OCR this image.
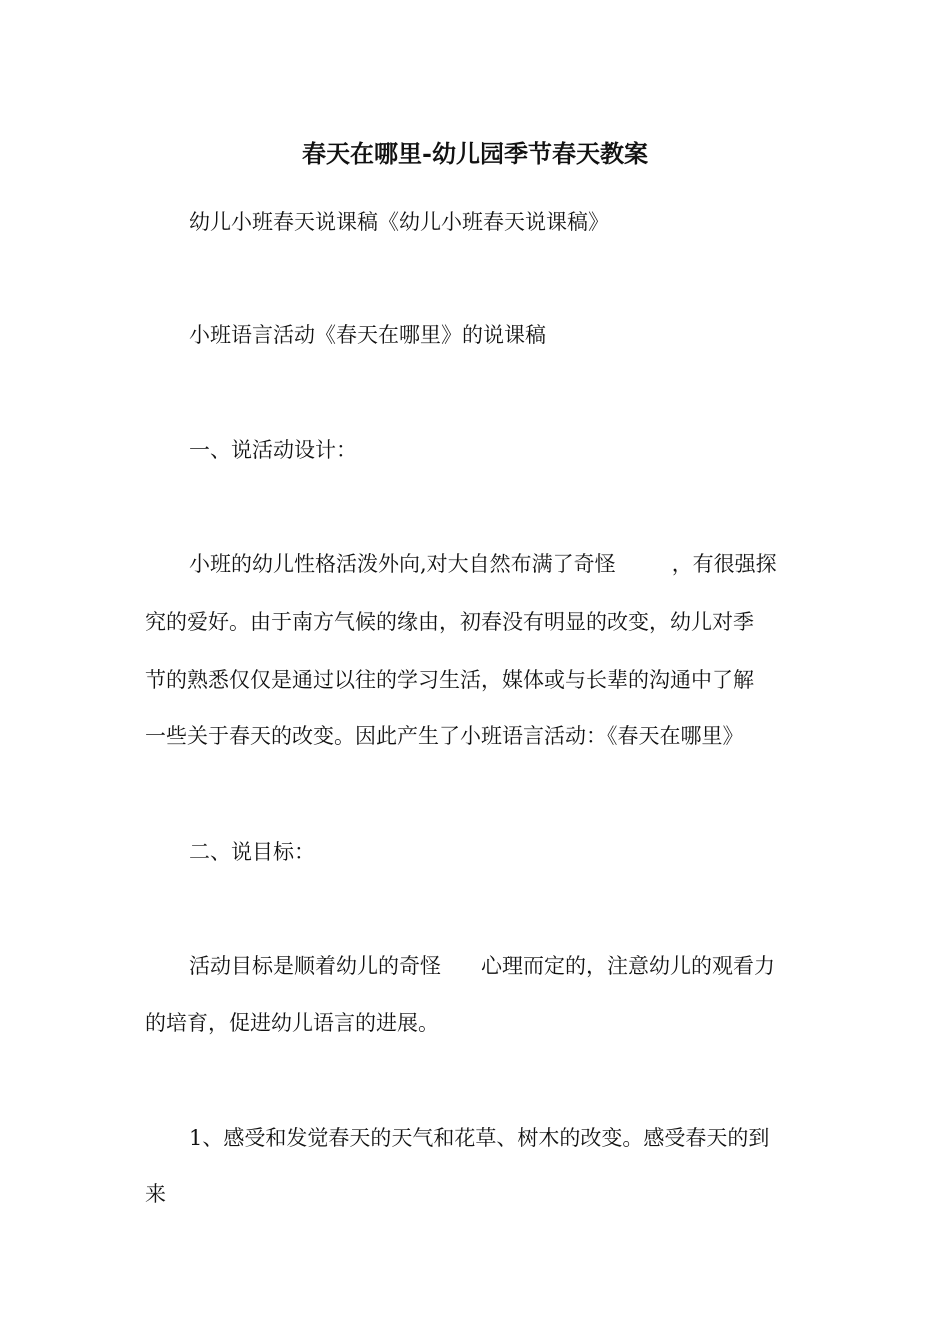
春天在哪里-幼儿园季节春天教案
幼儿小班春天说课稿《幼儿小班春天说课稿》
小班语言活动《春天在哪里》的说课稿
一、说活动设计：
小班的幼儿性格活泼外向,对大自然布满了奇怪	，有很强探
究的爱好。由于南方气候的缘由，初春没有明显的改变，幼儿对季
节的熟悉仅仅是通过以往的学习生活，媒体或与长辈的沟通中了解
一些关于春天的改变。因此产生了小班语言活动：《春天在哪里》
二、说目标：
活动目标是顺着幼儿的奇怪 心理而定的，注意幼儿的观看力
的培育，促进幼儿语言的进展。
1、感受和发觉春天的天气和花草、树木的改变。感受春天的到
来
